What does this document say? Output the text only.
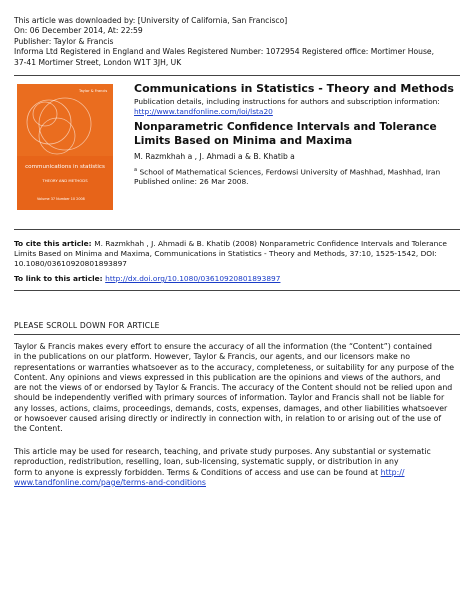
This article was downloaded by: [University of California, San Francisco]
On: 06 December 2014, At: 22:59
Publisher: Taylor & Francis
Informa Ltd Registered in England and Wales Registered Number: 1072954 Registered office: Mortimer House,
37-41 Mortimer Street, London W1T 3JH, UK
Taylor & Francis
communications in statistics
THEORY AND METHODS
Volume 37 Number 10 2008
Communications in Statistics - Theory and Methods
Publication details, including instructions for authors and subscription information:
http://www.tandfonline.com/loi/lsta20
Nonparametric Confidence Intervals and Tolerance
Limits Based on Minima and Maxima
M. Razmkhah a , J. Ahmadi a & B. Khatib a
$^a$ School of Mathematical Sciences, Ferdowsi University of Mashhad, Mashhad, Iran
Published online: 26 Mar 2008.
To cite this article: M. Razmkhah , J. Ahmadi & B. Khatib (2008) Nonparametric Confidence Intervals and Tolerance
Limits Based on Minima and Maxima, Communications in Statistics - Theory and Methods, 37:10, 1525-1542, DOI:
10.1080/03610920801893897
To link to this article: http://dx.doi.org/10.1080/03610920801893897
PLEASE SCROLL DOWN FOR ARTICLE
Taylor & Francis makes every effort to ensure the accuracy of all the information (the “Content”) contained
in the publications on our platform. However, Taylor & Francis, our agents, and our licensors make no
representations or warranties whatsoever as to the accuracy, completeness, or suitability for any purpose of the
Content. Any opinions and views expressed in this publication are the opinions and views of the authors, and
are not the views of or endorsed by Taylor & Francis. The accuracy of the Content should not be relied upon and
should be independently verified with primary sources of information. Taylor and Francis shall not be liable for
any losses, actions, claims, proceedings, demands, costs, expenses, damages, and other liabilities whatsoever
or howsoever caused arising directly or indirectly in connection with, in relation to or arising out of the use of
the Content.
This article may be used for research, teaching, and private study purposes. Any substantial or systematic
reproduction, redistribution, reselling, loan, sub-licensing, systematic supply, or distribution in any
form to anyone is expressly forbidden. Terms & Conditions of access and use can be found at http://
www.tandfonline.com/page/terms-and-conditions
